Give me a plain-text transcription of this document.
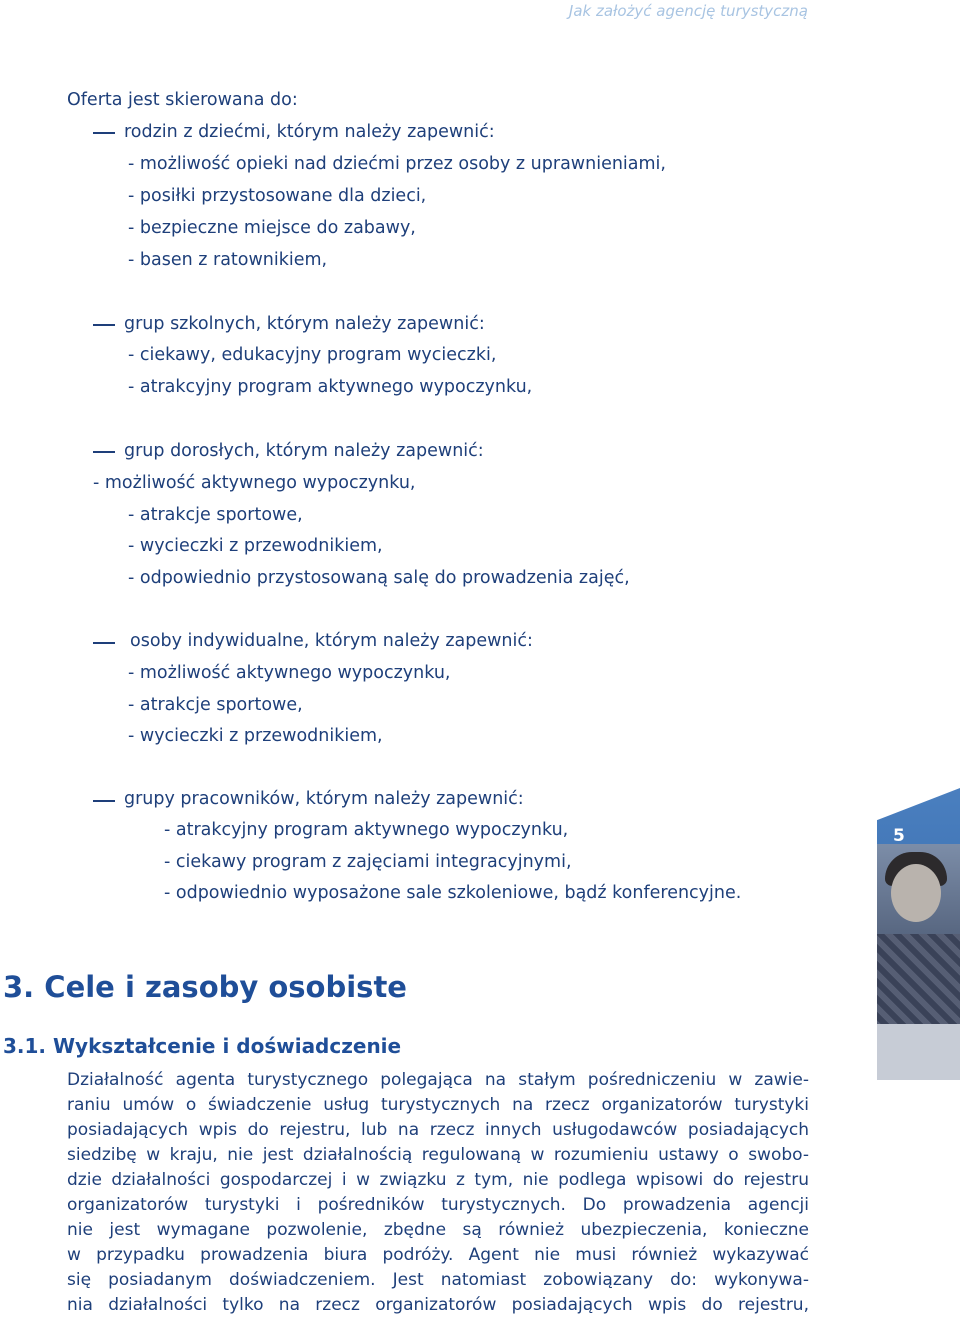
Jak założyć agencję turystyczną
Oferta jest skierowana do:
rodzin z dziećmi, którym należy zapewnić:
- możliwość opieki nad dziećmi przez osoby z uprawnieniami,
- posiłki przystosowane dla dzieci,
- bezpieczne miejsce do zabawy,
- basen z ratownikiem,
grup szkolnych, którym należy zapewnić:
- ciekawy, edukacyjny program wycieczki,
- atrakcyjny program aktywnego wypoczynku,
grup dorosłych, którym należy zapewnić:
- możliwość aktywnego wypoczynku,
- atrakcje sportowe,
- wycieczki z przewodnikiem,
- odpowiednio przystosowaną salę do prowadzenia zajęć,
osoby indywidualne, którym należy zapewnić:
- możliwość aktywnego wypoczynku,
- atrakcje sportowe,
- wycieczki z przewodnikiem,
grupy pracowników, którym należy zapewnić:
- atrakcyjny program aktywnego wypoczynku,
- ciekawy program z zajęciami integracyjnymi,
- odpowiednio wyposażone sale szkoleniowe, bądź konferencyjne.
5
3. Cele i zasoby osobiste
3.1. Wykształcenie i doświadczenie
Działalność agenta turystycznego polegająca na stałym pośredniczeniu w zawie-
raniu umów o świadczenie usług turystycznych na rzecz organizatorów turystyki
posiadających wpis do rejestru, lub na rzecz innych usługodawców posiadających
siedzibę w kraju, nie jest działalnością regulowaną w rozumieniu ustawy o swobo-
dzie działalności gospodarczej i w związku z tym, nie podlega wpisowi do rejestru
organizatorów turystyki i pośredników turystycznych. Do prowadzenia agencji
nie jest wymagane pozwolenie, zbędne są również ubezpieczenia, konieczne
w przypadku prowadzenia biura podróży. Agent nie musi również wykazywać
się posiadanym doświadczeniem. Jest natomiast zobowiązany do: wykonywa-
nia działalności tylko na rzecz organizatorów posiadających wpis do rejestru,
